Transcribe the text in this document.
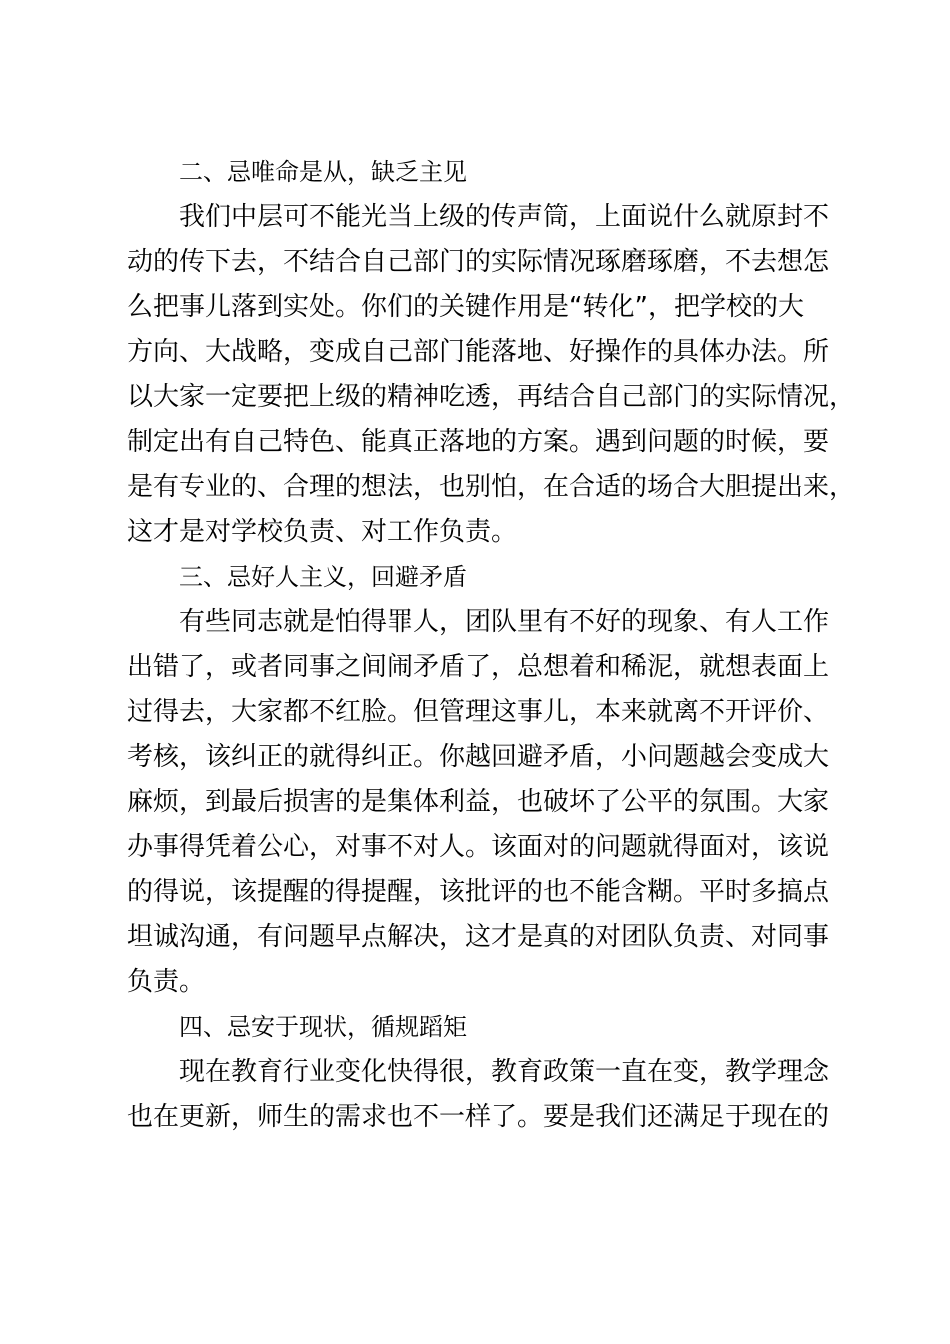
二、忌唯命是从，缺乏主见
我们中层可不能光当上级的传声筒，上面说什么就原封不
动的传下去，不结合自己部门的实际情况琢磨琢磨，不去想怎
么把事儿落到实处。你们的关键作用是“转化”，把学校的大
方向、大战略，变成自己部门能落地、好操作的具体办法。所
以大家一定要把上级的精神吃透，再结合自己部门的实际情况，
制定出有自己特色、能真正落地的方案。遇到问题的时候，要
是有专业的、合理的想法，也别怕，在合适的场合大胆提出来，
这才是对学校负责、对工作负责。
三、忌好人主义，回避矛盾
有些同志就是怕得罪人，团队里有不好的现象、有人工作
出错了，或者同事之间闹矛盾了，总想着和稀泥，就想表面上
过得去，大家都不红脸。但管理这事儿，本来就离不开评价、
考核，该纠正的就得纠正。你越回避矛盾，小问题越会变成大
麻烦，到最后损害的是集体利益，也破坏了公平的氛围。大家
办事得凭着公心，对事不对人。该面对的问题就得面对，该说
的得说，该提醒的得提醒，该批评的也不能含糊。平时多搞点
坦诚沟通，有问题早点解决，这才是真的对团队负责、对同事
负责。
四、忌安于现状，循规蹈矩
现在教育行业变化快得很，教育政策一直在变，教学理念
也在更新，师生的需求也不一样了。要是我们还满足于现在的
